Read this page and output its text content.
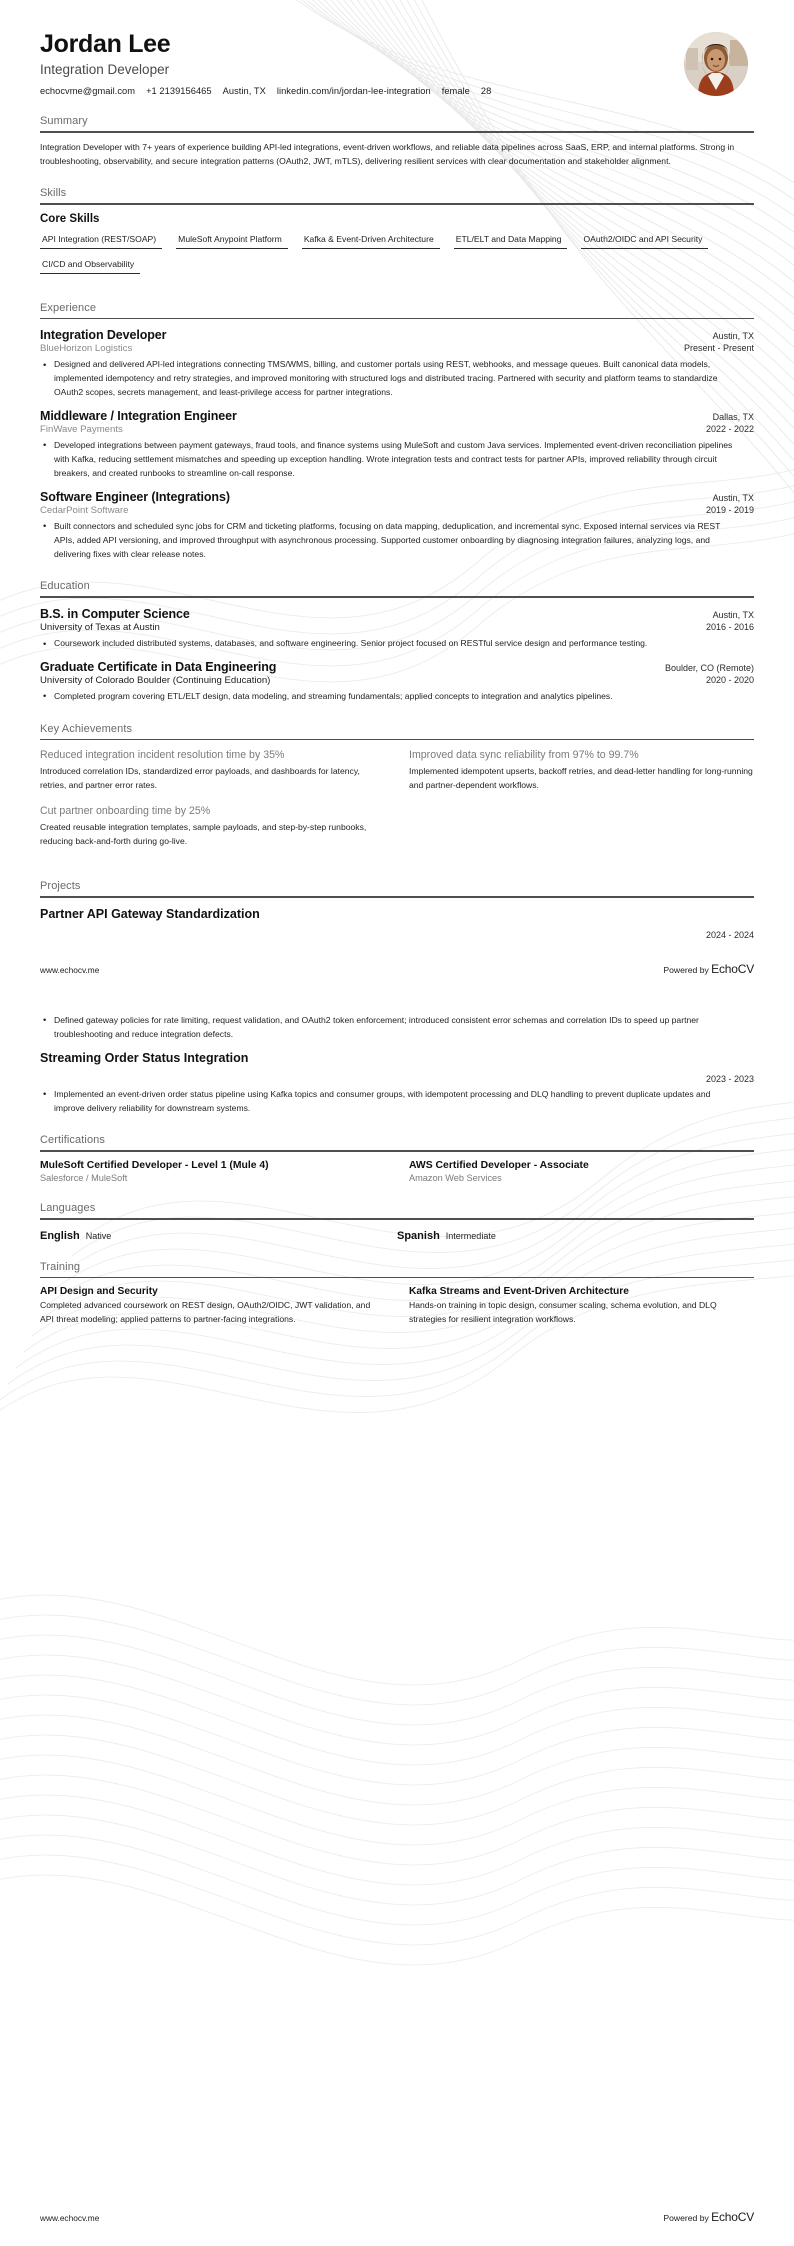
Jordan Lee
Integration Developer
echocvme@gmail.com +1 2139156465 Austin, TX linkedin.com/in/jordan-lee-integration female 28
Summary
Integration Developer with 7+ years of experience building API-led integrations, event-driven workflows, and reliable data pipelines across SaaS, ERP, and internal platforms. Strong in troubleshooting, observability, and secure integration patterns (OAuth2, JWT, mTLS), delivering resilient services with clear documentation and stakeholder alignment.
Skills
Core Skills
API Integration (REST/SOAP)	MuleSoft Anypoint Platform	Kafka & Event-Driven Architecture	ETL/ELT and Data Mapping	OAuth2/OIDC and API Security
CI/CD and Observability
Experience
Integration Developer	Austin, TX
BlueHorizon Logistics	Present - Present
• Designed and delivered API-led integrations connecting TMS/WMS, billing, and customer portals using REST, webhooks, and message queues. Built canonical data models, implemented idempotency and retry strategies, and improved monitoring with structured logs and distributed tracing. Partnered with security and platform teams to standardize OAuth2 scopes, secrets management, and least-privilege access for partner integrations.
Middleware / Integration Engineer	Dallas, TX
FinWave Payments	2022 - 2022
• Developed integrations between payment gateways, fraud tools, and finance systems using MuleSoft and custom Java services. Implemented event-driven reconciliation pipelines with Kafka, reducing settlement mismatches and speeding up exception handling. Wrote integration tests and contract tests for partner APIs, improved reliability through circuit breakers, and created runbooks to streamline on-call response.
Software Engineer (Integrations)	Austin, TX
CedarPoint Software	2019 - 2019
• Built connectors and scheduled sync jobs for CRM and ticketing platforms, focusing on data mapping, deduplication, and incremental sync. Exposed internal services via REST APIs, added API versioning, and improved throughput with asynchronous processing. Supported customer onboarding by diagnosing integration failures, analyzing logs, and delivering fixes with clear release notes.
Education
B.S. in Computer Science	Austin, TX
University of Texas at Austin	2016 - 2016
• Coursework included distributed systems, databases, and software engineering. Senior project focused on RESTful service design and performance testing.
Graduate Certificate in Data Engineering	Boulder, CO (Remote)
University of Colorado Boulder (Continuing Education)	2020 - 2020
• Completed program covering ETL/ELT design, data modeling, and streaming fundamentals; applied concepts to integration and analytics pipelines.
Key Achievements
Reduced integration incident resolution time by 35%
Introduced correlation IDs, standardized error payloads, and dashboards for latency, retries, and partner error rates.
Cut partner onboarding time by 25%
Created reusable integration templates, sample payloads, and step-by-step runbooks, reducing back-and-forth during go-live.
Improved data sync reliability from 97% to 99.7%
Implemented idempotent upserts, backoff retries, and dead-letter handling for long-running and partner-dependent workflows.
Projects
Partner API Gateway Standardization
2024 - 2024
www.echocv.me	Powered by EchoCV
• Defined gateway policies for rate limiting, request validation, and OAuth2 token enforcement; introduced consistent error schemas and correlation IDs to speed up partner troubleshooting and reduce integration defects.
Streaming Order Status Integration
2023 - 2023
• Implemented an event-driven order status pipeline using Kafka topics and consumer groups, with idempotent processing and DLQ handling to prevent duplicate updates and improve delivery reliability for downstream systems.
Certifications
MuleSoft Certified Developer - Level 1 (Mule 4)
Salesforce / MuleSoft
AWS Certified Developer - Associate
Amazon Web Services
Languages
English Native	Spanish Intermediate
Training
API Design and Security
Completed advanced coursework on REST design, OAuth2/OIDC, JWT validation, and API threat modeling; applied patterns to partner-facing integrations.
Kafka Streams and Event-Driven Architecture
Hands-on training in topic design, consumer scaling, schema evolution, and DLQ strategies for resilient integration workflows.
www.echocv.me	Powered by EchoCV
